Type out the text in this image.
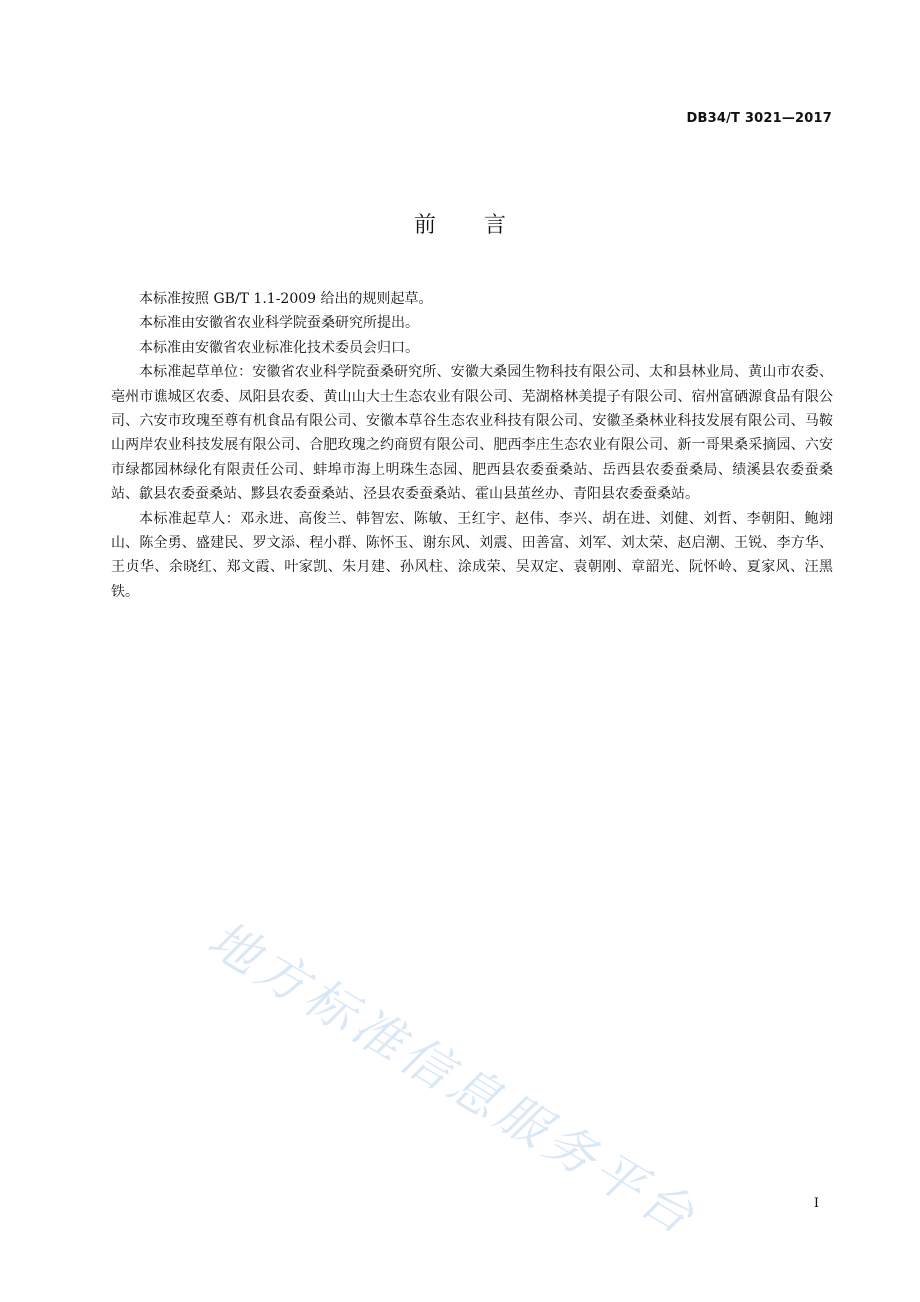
DB34/T 3021—2017
前 言

本标准按照 GB/T 1.1-2009 给出的规则起草。

本标准由安徽省农业科学院蚕桑研究所提出。

本标准由安徽省农业标准化技术委员会归口。

本标准起草单位：安徽省农业科学院蚕桑研究所、安徽大桑园生物科技有限公司、太和县林业局、黄山市农委、亳州市谯城区农委、凤阳县农委、黄山山大士生态农业有限公司、芜湖格林美提子有限公司、宿州富硒源食品有限公司、六安市玫瑰至尊有机食品有限公司、安徽本草谷生态农业科技有限公司、安徽圣桑林业科技发展有限公司、马鞍山两岸农业科技发展有限公司、合肥玫瑰之约商贸有限公司、肥西李庄生态农业有限公司、新一哥果桑采摘园、六安市绿都园林绿化有限责任公司、蚌埠市海上明珠生态园、肥西县农委蚕桑站、岳西县农委蚕桑局、绩溪县农委蚕桑站、歙县农委蚕桑站、黟县农委蚕桑站、泾县农委蚕桑站、霍山县茧丝办、青阳县农委蚕桑站。

本标准起草人：邓永进、高俊兰、韩智宏、陈敏、王红宇、赵伟、李兴、胡在进、刘健、刘哲、李朝阳、鲍翊山、陈全勇、盛建民、罗文添、程小群、陈怀玉、谢东风、刘震、田善富、刘军、刘太荣、赵启潮、王锐、李方华、王贞华、余晓红、郑文霞、叶家凯、朱月建、孙风柱、涂成荣、吴双定、袁朝刚、章韶光、阮怀岭、夏家风、汪黑铁。

地方标准信息服务平台	I
